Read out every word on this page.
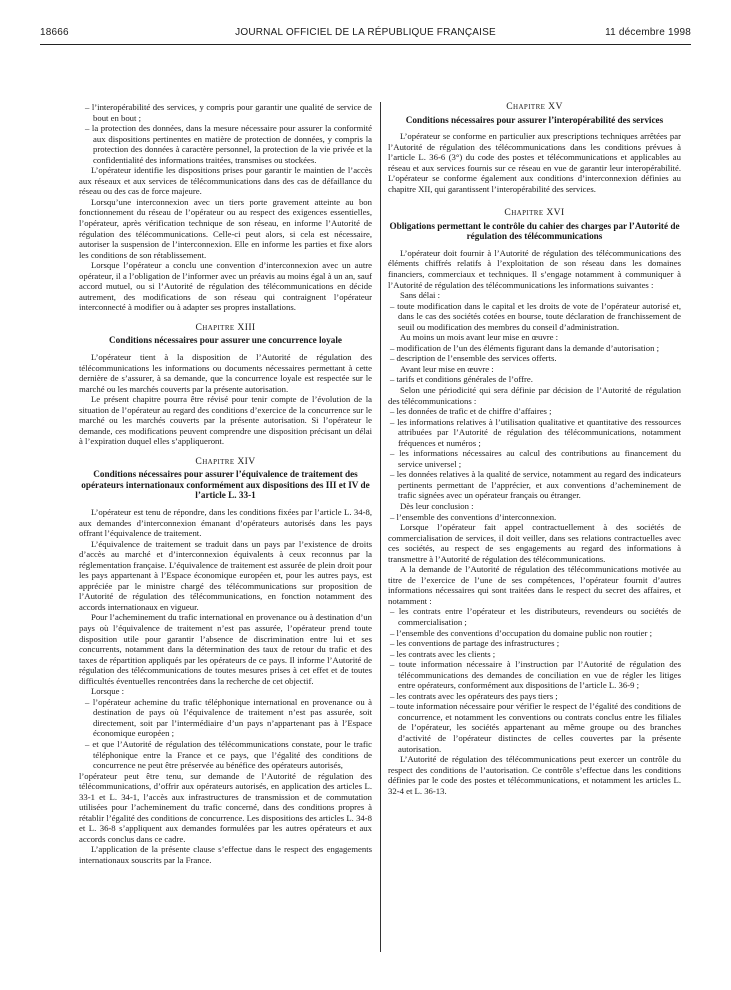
18666	JOURNAL OFFICIEL DE LA RÉPUBLIQUE FRANÇAISE	11 décembre 1998
– l’interopérabilité des services, y compris pour garantir une qualité de service de bout en bout ;
– la protection des données, dans la mesure nécessaire pour assurer la conformité aux dispositions pertinentes en matière de protection de données, y compris la protection des données à caractère personnel, la protection de la vie privée et la confidentialité des informations traitées, transmises ou stockées.

L’opérateur identifie les dispositions prises pour garantir le maintien de l’accès aux réseaux et aux services de télécommunications dans des cas de défaillance du réseau ou des cas de force majeure.

Lorsqu’une interconnexion avec un tiers porte gravement atteinte au bon fonctionnement du réseau de l’opérateur ou au respect des exigences essentielles, l’opérateur, après vérification technique de son réseau, en informe l’Autorité de régulation des télécommunications. Celle-ci peut alors, si cela est nécessaire, autoriser la suspension de l’interconnexion. Elle en informe les parties et fixe alors les conditions de son rétablissement.

Lorsque l’opérateur a conclu une convention d’interconnexion avec un autre opérateur, il a l’obligation de l’informer avec un préavis au moins égal à un an, sauf accord mutuel, ou si l’Autorité de régulation des télécommunications en décide autrement, des modifications de son réseau qui contraignent l’opérateur interconnecté à modifier ou à adapter ses propres installations.

Chapitre XIII
Conditions nécessaires pour assurer une concurrence loyale

L’opérateur tient à la disposition de l’Autorité de régulation des télécommunications les informations ou documents nécessaires permettant à cette dernière de s’assurer, à sa demande, que la concurrence loyale est respectée sur le marché ou les marchés couverts par la présente autorisation.

Le présent chapitre pourra être révisé pour tenir compte de l’évolution de la situation de l’opérateur au regard des conditions d’exercice de la concurrence sur le marché ou les marchés couverts par la présente autorisation. Si l’opérateur le demande, ces modifications peuvent comprendre une disposition précisant un délai à l’expiration duquel elles s’appliqueront.

Chapitre XIV
Conditions nécessaires pour assurer l’équivalence de traitement des opérateurs internationaux conformément aux dispositions des III et IV de l’article L. 33-1

L’opérateur est tenu de répondre, dans les conditions fixées par l’article L. 34-8, aux demandes d’interconnexion émanant d’opérateurs autorisés dans les pays offrant l’équivalence de traitement.

L’équivalence de traitement se traduit dans un pays par l’existence de droits d’accès au marché et d’interconnexion équivalents à ceux reconnus par la réglementation française. L’équivalence de traitement est assurée de plein droit pour les pays appartenant à l’Espace économique européen et, pour les autres pays, est appréciée par le ministre chargé des télécommunications sur proposition de l’Autorité de régulation des télécommunications, en fonction notamment des accords internationaux en vigueur.

Pour l’acheminement du trafic international en provenance ou à destination d’un pays où l’équivalence de traitement n’est pas assurée, l’opérateur prend toute disposition utile pour garantir l’absence de discrimination entre lui et ses concurrents, notamment dans la détermination des taux de retour du trafic et des taxes de répartition appliqués par les opérateurs de ce pays. Il informe l’Autorité de régulation des télécommunications de toutes mesures prises à cet effet et de toutes difficultés éventuelles rencontrées dans la recherche de cet objectif.

Lorsque :
– l’opérateur achemine du trafic téléphonique international en provenance ou à destination de pays où l’équivalence de traitement n’est pas assurée, soit directement, soit par l’intermédiaire d’un pays n’appartenant pas à l’Espace économique européen ;
– et que l’Autorité de régulation des télécommunications constate, pour le trafic téléphonique entre la France et ce pays, que l’égalité des conditions de concurrence ne peut être préservée au bénéfice des opérateurs autorisés,
l’opérateur peut être tenu, sur demande de l’Autorité de régulation des télécommunications, d’offrir aux opérateurs autorisés, en application des articles L. 33-1 et L. 34-1, l’accès aux infrastructures de transmission et de commutation utilisées pour l’acheminement du trafic concerné, dans des conditions propres à rétablir l’égalité des conditions de concurrence. Les dispositions des articles L. 34-8 et L. 36-8 s’appliquent aux demandes formulées par les autres opérateurs et aux accords conclus dans ce cadre.

L’application de la présente clause s’effectue dans le respect des engagements internationaux souscrits par la France.

Chapitre XV
Conditions nécessaires pour assurer l’interopérabilité des services

L’opérateur se conforme en particulier aux prescriptions techniques arrêtées par l’Autorité de régulation des télécommunications dans les conditions prévues à l’article L. 36-6 (3°) du code des postes et télécommunications et applicables au réseau et aux services fournis sur ce réseau en vue de garantir leur interopérabilité. L’opérateur se conforme également aux conditions d’interconnexion définies au chapitre XII, qui garantissent l’interopérabilité des services.

Chapitre XVI
Obligations permettant le contrôle du cahier des charges par l’Autorité de régulation des télécommunications

L’opérateur doit fournir à l’Autorité de régulation des télécommunications des éléments chiffrés relatifs à l’exploitation de son réseau dans les domaines financiers, commerciaux et techniques. Il s’engage notamment à communiquer à l’Autorité de régulation des télécommunications les informations suivantes :

Sans délai :
– toute modification dans le capital et les droits de vote de l’opérateur autorisé et, dans le cas des sociétés cotées en bourse, toute déclaration de franchissement de seuil ou modification des membres du conseil d’administration.
Au moins un mois avant leur mise en œuvre :
– modification de l’un des éléments figurant dans la demande d’autorisation ;
– description de l’ensemble des services offerts.
Avant leur mise en œuvre :
– tarifs et conditions générales de l’offre.

Selon une périodicité qui sera définie par décision de l’Autorité de régulation des télécommunications :

– les données de trafic et de chiffre d’affaires ;
– les informations relatives à l’utilisation qualitative et quantitative des ressources attribuées par l’Autorité de régulation des télécommunications, notamment fréquences et numéros ;
– les informations nécessaires au calcul des contributions au financement du service universel ;
– les données relatives à la qualité de service, notamment au regard des indicateurs pertinents permettant de l’apprécier, et aux conventions d’acheminement de trafic signées avec un opérateur français ou étranger.
Dès leur conclusion :
– l’ensemble des conventions d’interconnexion.

Lorsque l’opérateur fait appel contractuellement à des sociétés de commercialisation de services, il doit veiller, dans ses relations contractuelles avec ces sociétés, au respect de ses engagements au regard des informations à transmettre à l’Autorité de régulation des télécommunications.

A la demande de l’Autorité de régulation des télécommunications motivée au titre de l’exercice de l’une de ses compétences, l’opérateur fournit d’autres informations nécessaires qui sont traitées dans le respect du secret des affaires, et notamment :

– les contrats entre l’opérateur et les distributeurs, revendeurs ou sociétés de commercialisation ;
– l’ensemble des conventions d’occupation du domaine public non routier ;
– les conventions de partage des infrastructures ;
– les contrats avec les clients ;
– toute information nécessaire à l’instruction par l’Autorité de régulation des télécommunications des demandes de conciliation en vue de régler les litiges entre opérateurs, conformément aux dispositions de l’article L. 36-9 ;
– les contrats avec les opérateurs des pays tiers ;
– toute information nécessaire pour vérifier le respect de l’égalité des conditions de concurrence, et notamment les conventions ou contrats conclus entre les filiales de l’opérateur, les sociétés appartenant au même groupe ou des branches d’activité de l’opérateur distinctes de celles couvertes par la présente autorisation.

L’Autorité de régulation des télécommunications peut exercer un contrôle du respect des conditions de l’autorisation. Ce contrôle s’effectue dans les conditions définies par le code des postes et télécommunications, et notamment les articles L. 32-4 et L. 36-13.
